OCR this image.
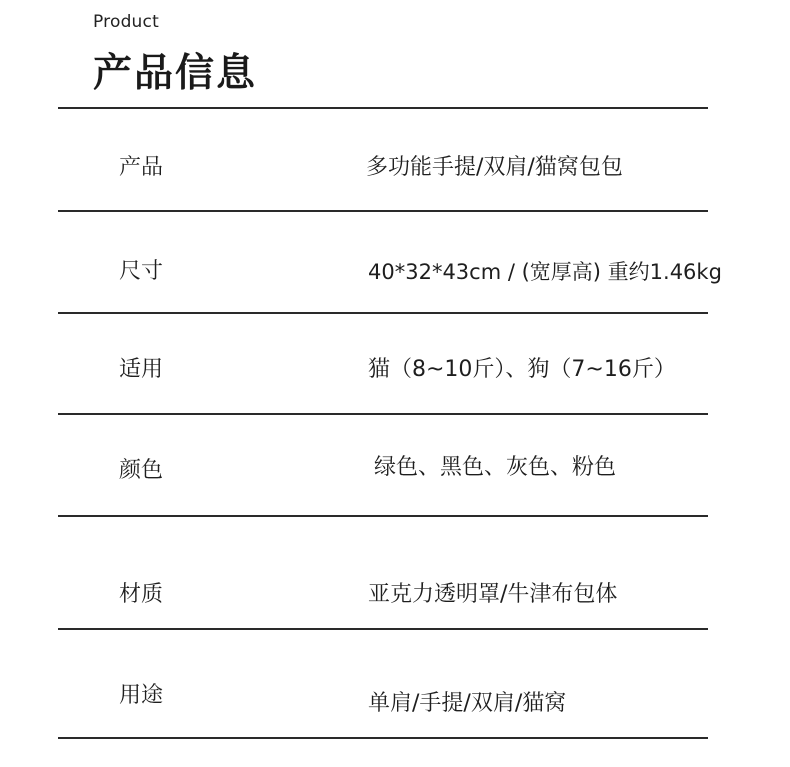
Product
产品信息
产品	多功能手提/双肩/猫窝包包
尺寸	40*32*43cm / (宽厚高) 重约1.46kg
适用	猫（8~10斤）、狗（7~16斤）
颜色	绿色、黑色、灰色、粉色
材质	亚克力透明罩/牛津布包体
用途	单肩/手提/双肩/猫窝
